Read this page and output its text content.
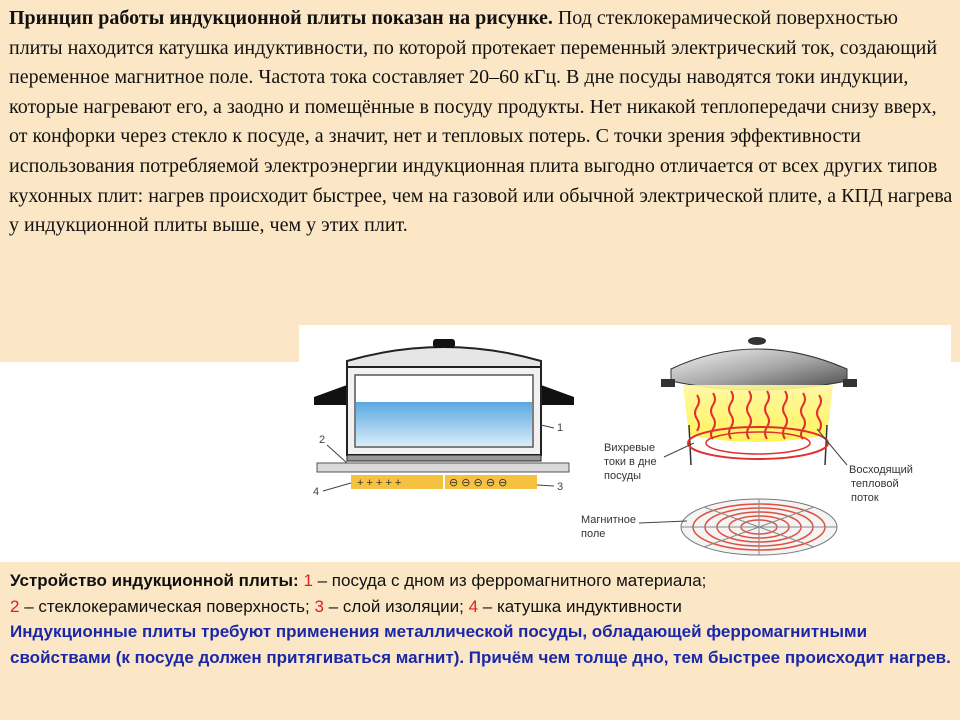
Принцип работы индукционной плиты показан на рисунке. Под стеклокерамической поверхностью плиты находится катушка индуктивности, по которой протекает переменный электрический ток, создающий переменное магнитное поле. Частота тока составляет 20–60 кГц. В дне посуды наводятся токи индукции, которые нагревают его, а заодно и помещённые в посуду продукты. Нет никакой теплопередачи снизу вверх, от конфорки через стекло к посуде, а значит, нет и тепловых потерь. С точки зрения эффективности использования потребляемой электроэнергии индукционная плита выгодно отличается от всех других типов кухонных плит: нагрев происходит быстрее, чем на газовой или обычной электрической плите, а КПД нагрева у индукционной плиты выше, чем у этих плит.
+ + + + +	⊖ ⊖ ⊖ ⊖ ⊖
1
2
3
4
Вихревые
токи в дне
посуды	Восходящий
тепловой
поток
Магнитное
поле
Устройство индукционной плиты: 1 – посуда с дном из ферромагнитного материала;
2 – стеклокерамическая поверхность; 3 – слой изоляции; 4 – катушка индуктивности
Индукционные плиты требуют применения металлической посуды, обладающей ферромагнитными свойствами (к посуде должен притягиваться магнит). Причём чем толще дно, тем быстрее происходит нагрев.
